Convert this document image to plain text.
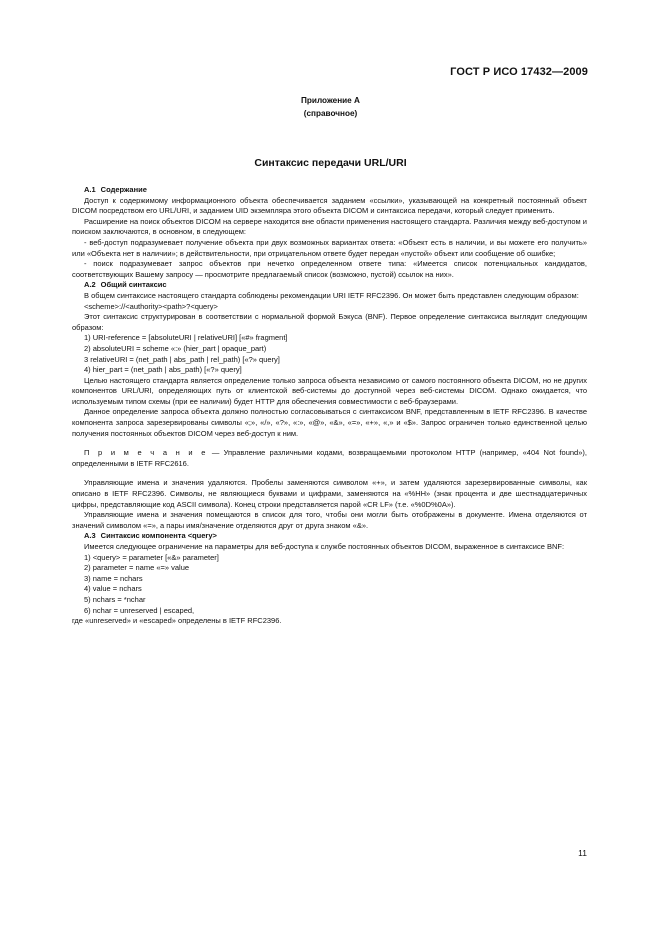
ГОСТ Р ИСО 17432—2009
Приложение А
(справочное)
Синтаксис передачи URL/URI

А.1 Содержание

Доступ к содержимому информационного объекта обеспечивается заданием «ссылки», указывающей на конкретный постоянный объект DICOM посредством его URL/URI, и заданием UID экземпляра этого объекта DICOM и синтаксиса передачи, который следует применить.

Расширение на поиск объектов DICOM на сервере находится вне области применения настоящего стандарта. Различия между веб-доступом и поиском заключаются, в основном, в следующем:

- веб-доступ подразумевает получение объекта при двух возможных вариантах ответа: «Объект есть в наличии, и вы можете его получить» или «Объекта нет в наличии»; в действительности, при отрицательном ответе будет передан «пустой» объект или сообщение об ошибке;

- поиск подразумевает запрос объектов при нечетко определенном ответе типа: «Имеется список потенциальных кандидатов, соответствующих Вашему запросу — просмотрите предлагаемый список (возможно, пустой) ссылок на них».

А.2 Общий синтаксис

В общем синтаксисе настоящего стандарта соблюдены рекомендации URI IETF RFC2396. Он может быть представлен следующим образом:

<scheme>://<authority><path>?<query>

Этот синтаксис структурирован в соответствии с нормальной формой Бэкуса (BNF). Первое определение синтаксиса выглядит следующим образом:

1) URI-reference = [absoluteURI | relativeURI] [«#» fragment]

2) absoluteURI = scheme «:» (hier_part | opaque_part)

3 relativeURI = (net_path | abs_path | rel_path) [«?» query]

4) hier_part = (net_path | abs_path) [«?» query]

Целью настоящего стандарта является определение только запроса объекта независимо от самого постоянного объекта DICOM, но не других компонентов URL/URI, определяющих путь от клиентской веб-системы до доступной через веб-системы DICOM. Однако ожидается, что используемым типом схемы (при ее наличии) будет HTTP для обеспечения совместимости с веб-браузерами.

Данное определение запроса объекта должно полностью согласовываться с синтаксисом BNF, представленным в IETF RFC2396. В качестве компонента запроса зарезервированы символы «;», «/», «?», «:», «@», «&», «=», «+», «,» и «$». Запрос ограничен только единственной целью получения постоянных объектов DICOM через веб-доступ к ним.

П р и м е ч а н и е — Управление различными кодами, возвращаемыми протоколом HTTP (например, «404 Not found»), определенными в IETF RFC2616.

Управляющие имена и значения удаляются. Пробелы заменяются символом «+», и затем удаляются зарезервированные символы, как описано в IETF RFC2396. Символы, не являющиеся буквами и цифрами, заменяются на «%HH» (знак процента и две шестнадцатеричных цифры, представляющие код ASCII символа). Конец строки представляется парой «CR LF» (т.е. «%0D%0A»).

Управляющие имена и значения помещаются в список для того, чтобы они могли быть отображены в документе. Имена отделяются от значений символом «=», а пары имя/значение отделяются друг от друга знаком «&».

А.3 Синтаксис компонента <query>

Имеется следующее ограничение на параметры для веб-доступа к службе постоянных объектов DICOM, выраженное в синтаксисе BNF:

1) <query> = parameter [«&» parameter]

2) parameter = name «=» value

3) name = nchars

4) value = nchars

5) nchars = *nchar

6) nchar = unreserved | escaped,

где «unreserved» и «escaped» определены в IETF RFC2396.

11
